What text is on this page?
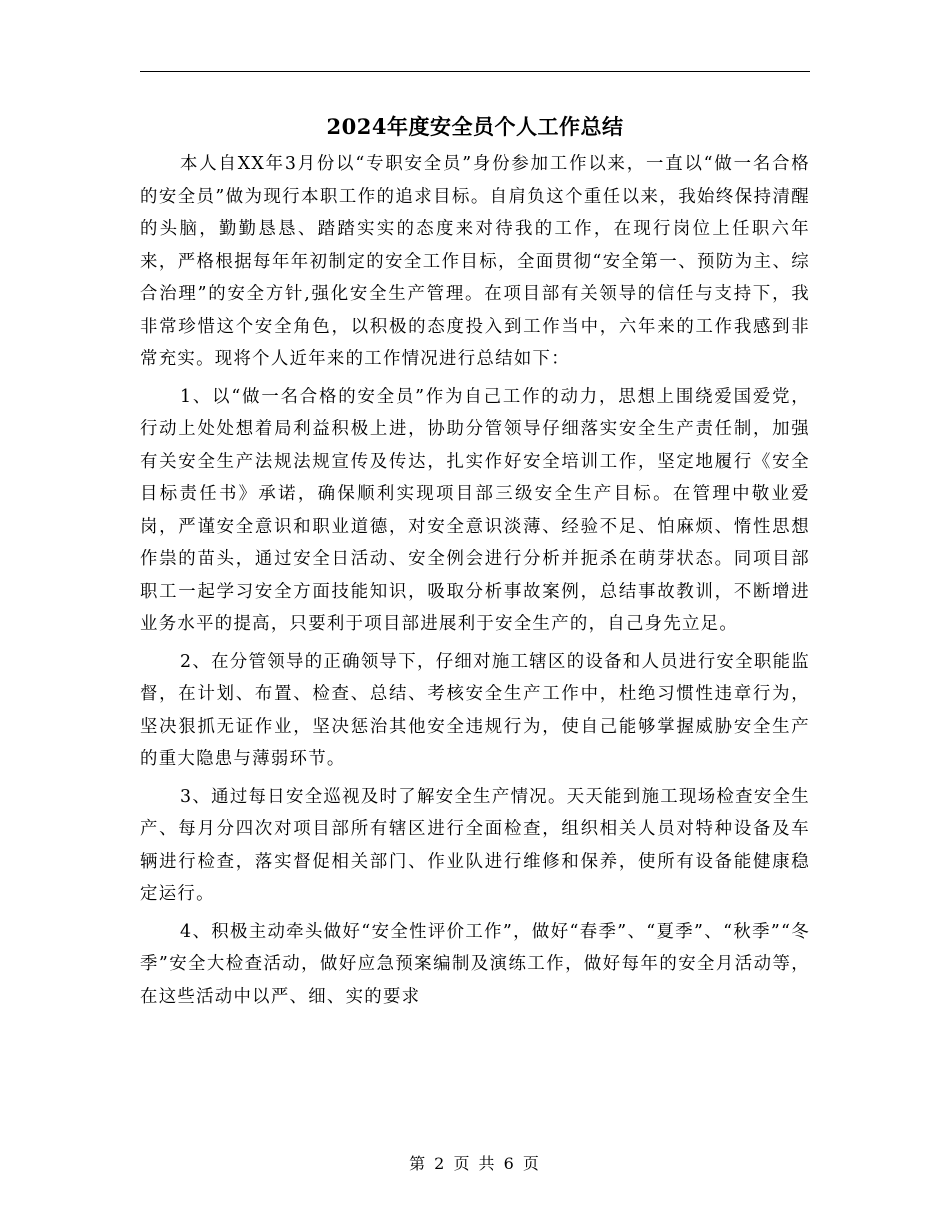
2024年度安全员个人工作总结

本人自XX年3月份以“专职安全员”身份参加工作以来，一直以“做一名合格的安全员”做为现行本职工作的追求目标。自肩负这个重任以来，我始终保持清醒的头脑，勤勤恳恳、踏踏实实的态度来对待我的工作，在现行岗位上任职六年来，严格根据每年年初制定的安全工作目标，全面贯彻“安全第一、预防为主、综合治理”的安全方针,强化安全生产管理。在项目部有关领导的信任与支持下，我非常珍惜这个安全角色，以积极的态度投入到工作当中，六年来的工作我感到非常充实。现将个人近年来的工作情况进行总结如下：

1、以“做一名合格的安全员”作为自己工作的动力，思想上围绕爱国爱党，行动上处处想着局利益积极上进，协助分管领导仔细落实安全生产责任制，加强有关安全生产法规法规宣传及传达，扎实作好安全培训工作，坚定地履行《安全目标责任书》承诺，确保顺利实现项目部三级安全生产目标。在管理中敬业爱岗，严谨安全意识和职业道德，对安全意识淡薄、经验不足、怕麻烦、惰性思想作祟的苗头，通过安全日活动、安全例会进行分析并扼杀在萌芽状态。同项目部职工一起学习安全方面技能知识，吸取分析事故案例，总结事故教训，不断增进业务水平的提高，只要利于项目部进展利于安全生产的，自己身先立足。

2、在分管领导的正确领导下，仔细对施工辖区的设备和人员进行安全职能监督，在计划、布置、检查、总结、考核安全生产工作中，杜绝习惯性违章行为，坚决狠抓无证作业，坚决惩治其他安全违规行为，使自己能够掌握威胁安全生产的重大隐患与薄弱环节。

3、通过每日安全巡视及时了解安全生产情况。天天能到施工现场检查安全生产、每月分四次对项目部所有辖区进行全面检查，组织相关人员对特种设备及车辆进行检查，落实督促相关部门、作业队进行维修和保养，使所有设备能健康稳定运行。

4、积极主动牵头做好“安全性评价工作”，做好“春季”、“夏季”、“秋季”“冬季”安全大检查活动，做好应急预案编制及演练工作，做好每年的安全月活动等，在这些活动中以严、细、实的要求

第 2 页 共 6 页
